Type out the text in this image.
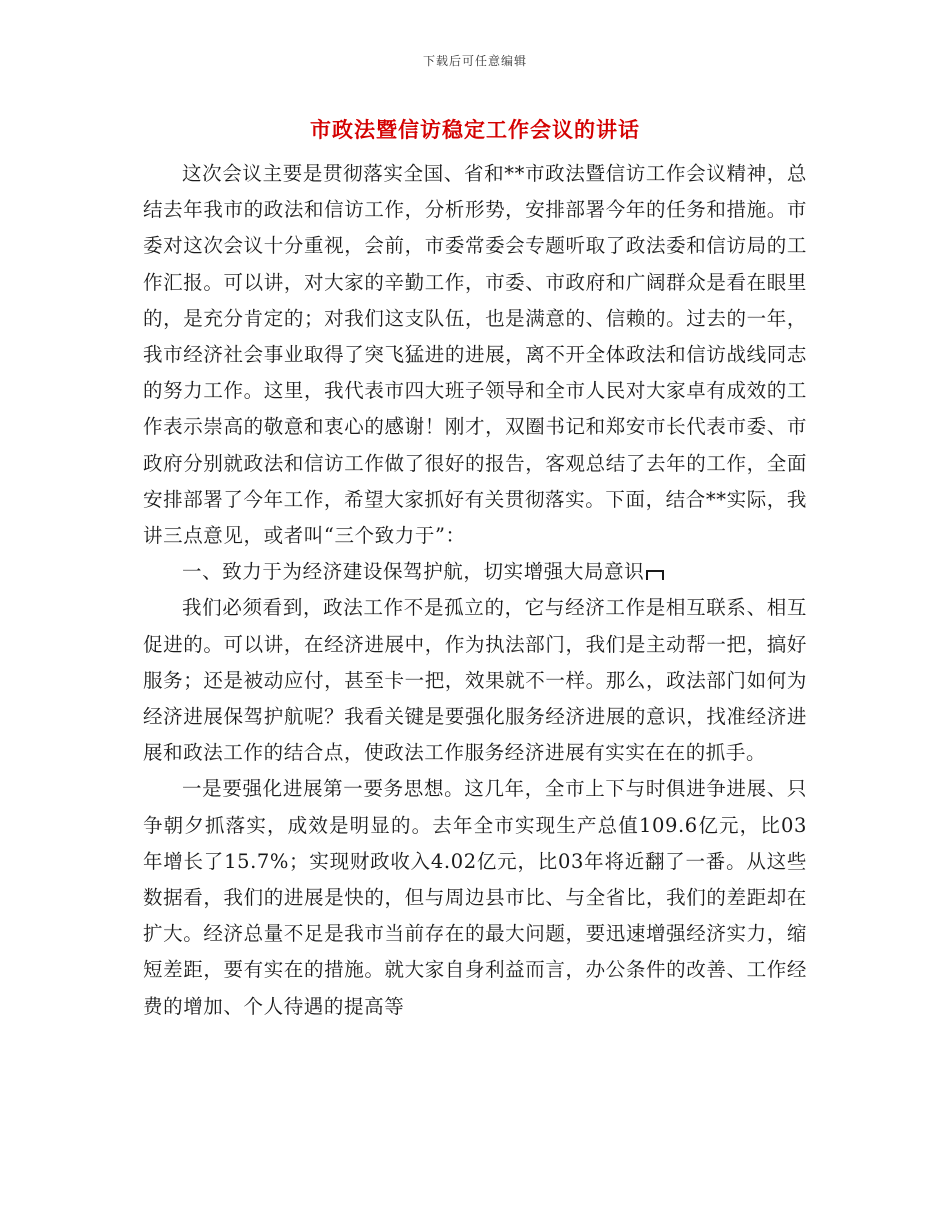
下载后可任意编辑
市政法暨信访稳定工作会议的讲话

这次会议主要是贯彻落实全国、省和**市政法暨信访工作会议精神，总结去年我市的政法和信访工作，分析形势，安排部署今年的任务和措施。市委对这次会议十分重视，会前，市委常委会专题听取了政法委和信访局的工作汇报。可以讲，对大家的辛勤工作，市委、市政府和广阔群众是看在眼里的，是充分肯定的；对我们这支队伍，也是满意的、信赖的。过去的一年，我市经济社会事业取得了突飞猛进的进展，离不开全体政法和信访战线同志的努力工作。这里，我代表市四大班子领导和全市人民对大家卓有成效的工作表示崇高的敬意和衷心的感谢！刚才，双圈书记和郑安市长代表市委、市政府分别就政法和信访工作做了很好的报告，客观总结了去年的工作，全面安排部署了今年工作，希望大家抓好有关贯彻落实。下面，结合**实际，我讲三点意见，或者叫“三个致力于”：

一、致力于为经济建设保驾护航，切实增强大局意识

我们必须看到，政法工作不是孤立的，它与经济工作是相互联系、相互促进的。可以讲，在经济进展中，作为执法部门，我们是主动帮一把，搞好服务；还是被动应付，甚至卡一把，效果就不一样。那么，政法部门如何为经济进展保驾护航呢？我看关键是要强化服务经济进展的意识，找准经济进展和政法工作的结合点，使政法工作服务经济进展有实实在在的抓手。

一是要强化进展第一要务思想。这几年，全市上下与时俱进争进展、只争朝夕抓落实，成效是明显的。去年全市实现生产总值109.6亿元，比03年增长了15.7%；实现财政收入4.02亿元，比03年将近翻了一番。从这些数据看，我们的进展是快的，但与周边县市比、与全省比，我们的差距却在扩大。经济总量不足是我市当前存在的最大问题，要迅速增强经济实力，缩短差距，要有实在的措施。就大家自身利益而言，办公条件的改善、工作经费的增加、个人待遇的提高等
